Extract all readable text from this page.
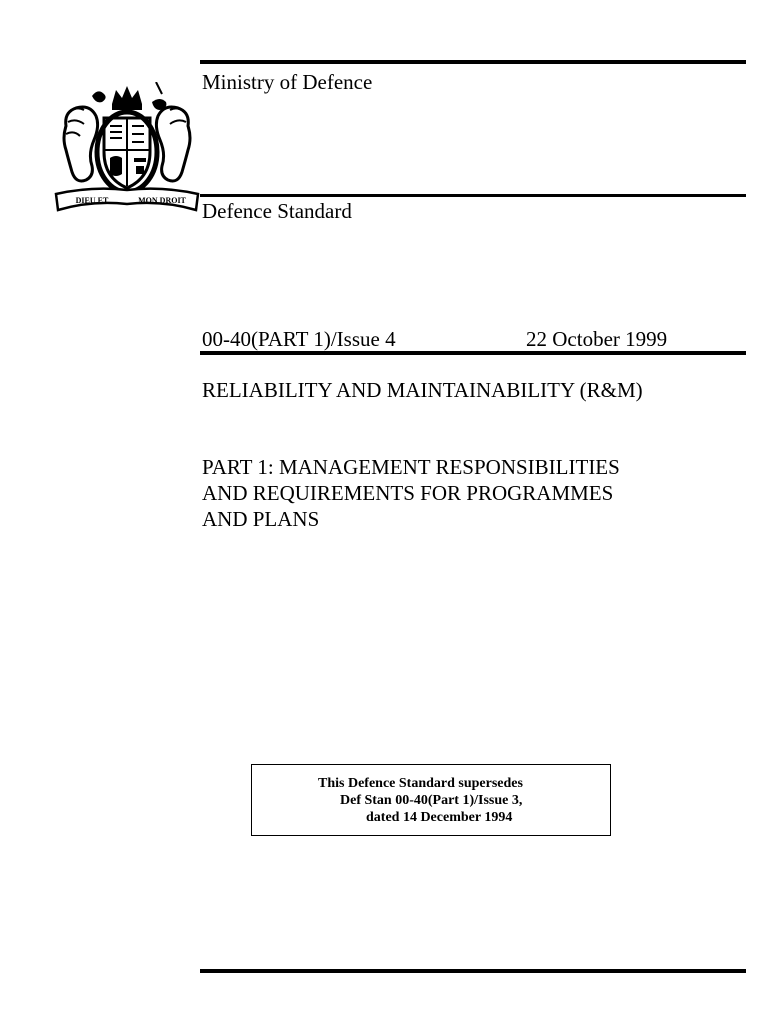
DIEU ET	MON DROIT
Ministry of Defence
Defence Standard
00-40(PART 1)/Issue 4	22 October 1999
RELIABILITY AND MAINTAINABILITY (R&M)
PART 1: MANAGEMENT RESPONSIBILITIES
AND REQUIREMENTS FOR PROGRAMMES
AND PLANS
This Defence Standard supersedes
Def Stan 00-40(Part 1)/Issue 3,
dated 14 December 1994
